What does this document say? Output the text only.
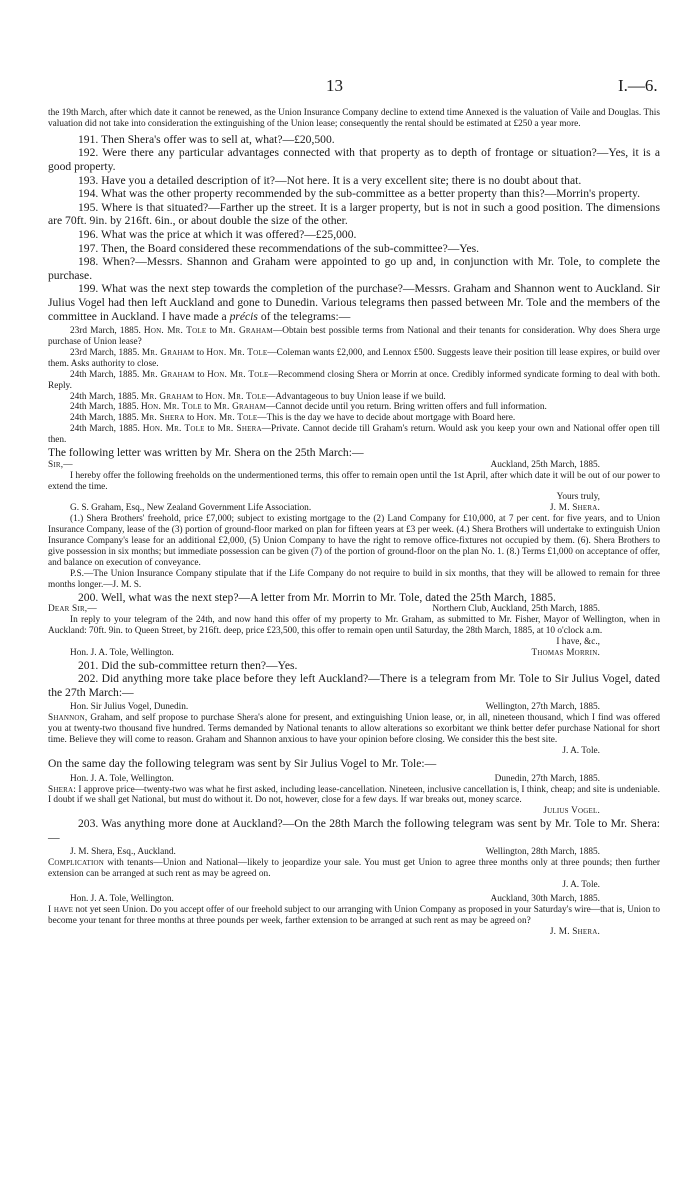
13	I.—6.

the 19th March, after which date it cannot be renewed, as the Union Insurance Company decline to extend time Annexed is the valuation of Vaile and Douglas. This valuation did not take into consideration the extinguishing of the Union lease; consequently the rental should be estimated at £250 a year more.

191. Then Shera's offer was to sell at, what?—£20,500.

192. Were there any particular advantages connected with that property as to depth of frontage or situation?—Yes, it is a good property.

193. Have you a detailed description of it?—Not here. It is a very excellent site; there is no doubt about that.

194. What was the other property recommended by the sub-committee as a better property than this?—Morrin's property.

195. Where is that situated?—Farther up the street. It is a larger property, but is not in such a good position. The dimensions are 70ft. 9in. by 216ft. 6in., or about double the size of the other.

196. What was the price at which it was offered?—£25,000.

197. Then, the Board considered these recommendations of the sub-committee?—Yes.

198. When?—Messrs. Shannon and Graham were appointed to go up and, in conjunction with Mr. Tole, to complete the purchase.

199. What was the next step towards the completion of the purchase?—Messrs. Graham and Shannon went to Auckland. Sir Julius Vogel had then left Auckland and gone to Dunedin. Various telegrams then passed between Mr. Tole and the members of the committee in Auckland. I have made a précis of the telegrams:—

23rd March, 1885. Hon. Mr. Tole to Mr. Graham—Obtain best possible terms from National and their tenants for consideration. Why does Shera urge purchase of Union lease?

23rd March, 1885. Mr. Graham to Hon. Mr. Tole—Coleman wants £2,000, and Lennox £500. Suggests leave their position till lease expires, or build over them. Asks authority to close.

24th March, 1885. Mr. Graham to Hon. Mr. Tole—Recommend closing Shera or Morrin at once. Credibly informed syndicate forming to deal with both. Reply.

24th March, 1885. Mr. Graham to Hon. Mr. Tole—Advantageous to buy Union lease if we build.

24th March, 1885. Hon. Mr. Tole to Mr. Graham—Cannot decide until you return. Bring written offers and full information.

24th March, 1885. Mr. Shera to Hon. Mr. Tole—This is the day we have to decide about mortgage with Board here.

24th March, 1885. Hon. Mr. Tole to Mr. Shera—Private. Cannot decide till Graham's return. Would ask you keep your own and National offer open till then.

The following letter was written by Mr. Shera on the 25th March:—

Sir,—	Auckland, 25th March, 1885.

I hereby offer the following freeholds on the undermentioned terms, this offer to remain open until the 1st April, after which date it will be out of our power to extend the time.

Yours truly,
G. S. Graham, Esq., New Zealand Government Life Association.	J. M. Shera.

(1.) Shera Brothers' freehold, price £7,000; subject to existing mortgage to the (2) Land Company for £10,000, at 7 per cent. for five years, and to Union Insurance Company, lease of the (3) portion of ground-floor marked on plan for fifteen years at £3 per week. (4.) Shera Brothers will undertake to extinguish Union Insurance Company's lease for an additional £2,000, (5) Union Company to have the right to remove office-fixtures not occupied by them. (6). Shera Brothers to give possession in six months; but immediate possession can be given (7) of the portion of ground-floor on the plan No. 1. (8.) Terms £1,000 on acceptance of offer, and balance on execution of conveyance.

P.S.—The Union Insurance Company stipulate that if the Life Company do not require to build in six months, that they will be allowed to remain for three months longer.—J. M. S.

200. Well, what was the next step?—A letter from Mr. Morrin to Mr. Tole, dated the 25th March, 1885.

Dear Sir,—	Northern Club, Auckland, 25th March, 1885.

In reply to your telegram of the 24th, and now hand this offer of my property to Mr. Graham, as submitted to Mr. Fisher, Mayor of Wellington, when in Auckland: 70ft. 9in. to Queen Street, by 216ft. deep, price £23,500, this offer to remain open until Saturday, the 28th March, 1885, at 10 o'clock a.m.

I have, &c.,
Hon. J. A. Tole, Wellington.	Thomas Morrin.

201. Did the sub-committee return then?—Yes.

202. Did anything more take place before they left Auckland?—There is a telegram from Mr. Tole to Sir Julius Vogel, dated the 27th March:—

Hon. Sir Julius Vogel, Dunedin.	Wellington, 27th March, 1885.

Shannon, Graham, and self propose to purchase Shera's alone for present, and extinguishing Union lease, or, in all, nineteen thousand, which I find was offered you at twenty-two thousand five hundred. Terms demanded by National tenants to allow alterations so exorbitant we think better defer purchase National for short time. Believe they will come to reason. Graham and Shannon anxious to have your opinion before closing. We consider this the best site.

J. A. Tole.

On the same day the following telegram was sent by Sir Julius Vogel to Mr. Tole:—

Hon. J. A. Tole, Wellington.	Dunedin, 27th March, 1885.

Shera: I approve price—twenty-two was what he first asked, including lease-cancellation. Nineteen, inclusive cancellation is, I think, cheap; and site is undeniable. I doubt if we shall get National, but must do without it. Do not, however, close for a few days. If war breaks out, money scarce.

Julius Vogel.

203. Was anything more done at Auckland?—On the 28th March the following telegram was sent by Mr. Tole to Mr. Shera:—

J. M. Shera, Esq., Auckland.	Wellington, 28th March, 1885.

Complication with tenants—Union and National—likely to jeopardize your sale. You must get Union to agree three months only at three pounds; then further extension can be arranged at such rent as may be agreed on.

J. A. Tole.
Hon. J. A. Tole, Wellington.	Auckland, 30th March, 1885.

I have not yet seen Union. Do you accept offer of our freehold subject to our arranging with Union Company as proposed in your Saturday's wire—that is, Union to become your tenant for three months at three pounds per week, farther extension to be arranged at such rent as may be agreed on?

J. M. Shera.
